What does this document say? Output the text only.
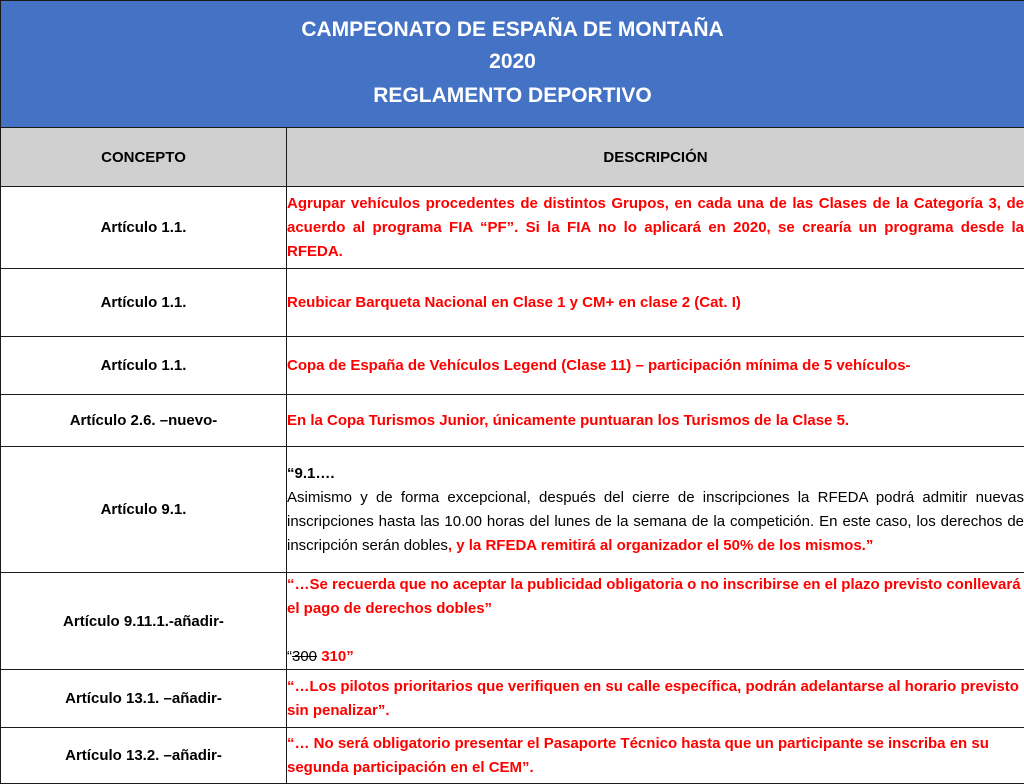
CAMPEONATO DE ESPAÑA DE MONTAÑA
2020
REGLAMENTO DEPORTIVO	

CONCEPTO	DESCRIPCIÓN
Artículo 1.1.	Agrupar vehículos procedentes de distintos Grupos, en cada una de las Clases de la Categoría 3, de acuerdo al programa FIA “PF”. Si la FIA no lo aplicará en 2020, se crearía un programa desde la RFEDA.
Artículo 1.1.	Reubicar Barqueta Nacional en Clase 1 y CM+ en clase 2 (Cat. I)
Artículo 1.1.	Copa de España de Vehículos Legend (Clase 11) – participación mínima de 5 vehículos-
Artículo 2.6. –nuevo-	En la Copa Turismos Junior, únicamente puntuaran los Turismos de la Clase 5.
Artículo 9.1.	“9.1….
Asimismo y de forma excepcional, después del cierre de inscripciones la RFEDA podrá admitir nuevas inscripciones hasta las 10.00 horas del lunes de la semana de la competición. En este caso, los derechos de inscripción serán dobles, y la RFEDA remitirá al organizador el 50% de los mismos.”

Artículo 9.11.1.-añadir-	“…Se recuerda que no aceptar la publicidad obligatoria o no inscribirse en el plazo previsto conllevará el pago de derechos dobles”
“300 310”

Artículo 13.1. –añadir-	“…Los pilotos prioritarios que verifiquen en su calle específica, podrán adelantarse al horario previsto sin penalizar”.
Artículo 13.2. –añadir-	“… No será obligatorio presentar el Pasaporte Técnico hasta que un participante se inscriba en su segunda participación en el CEM”.
